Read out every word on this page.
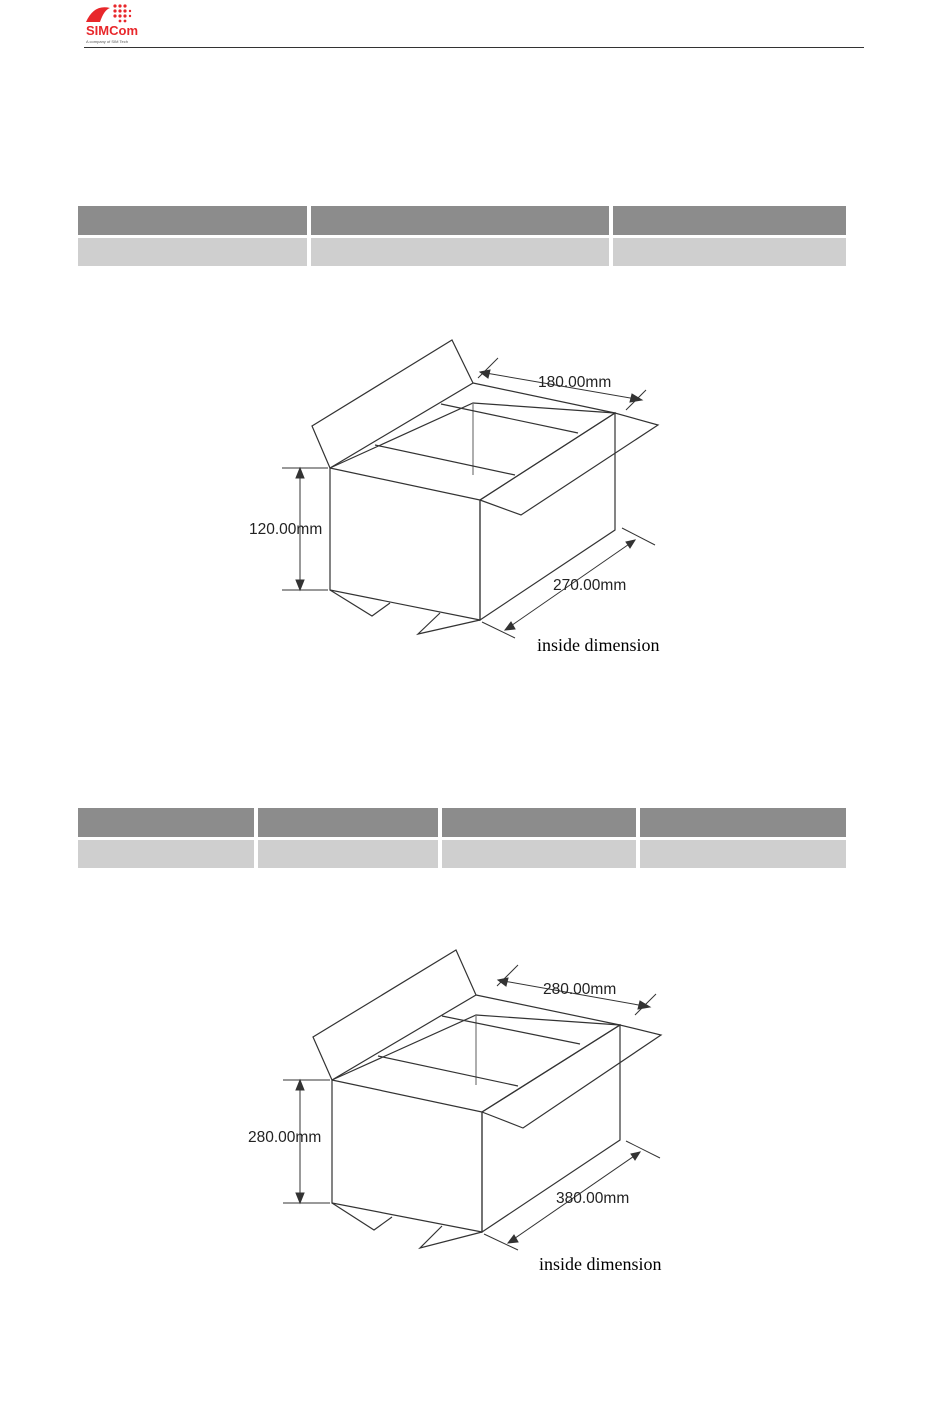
SIMCom
A company of SIM Tech

180.00mm
120.00mm
270.00mm
inside dimension

280.00mm
280.00mm
380.00mm
inside dimension
